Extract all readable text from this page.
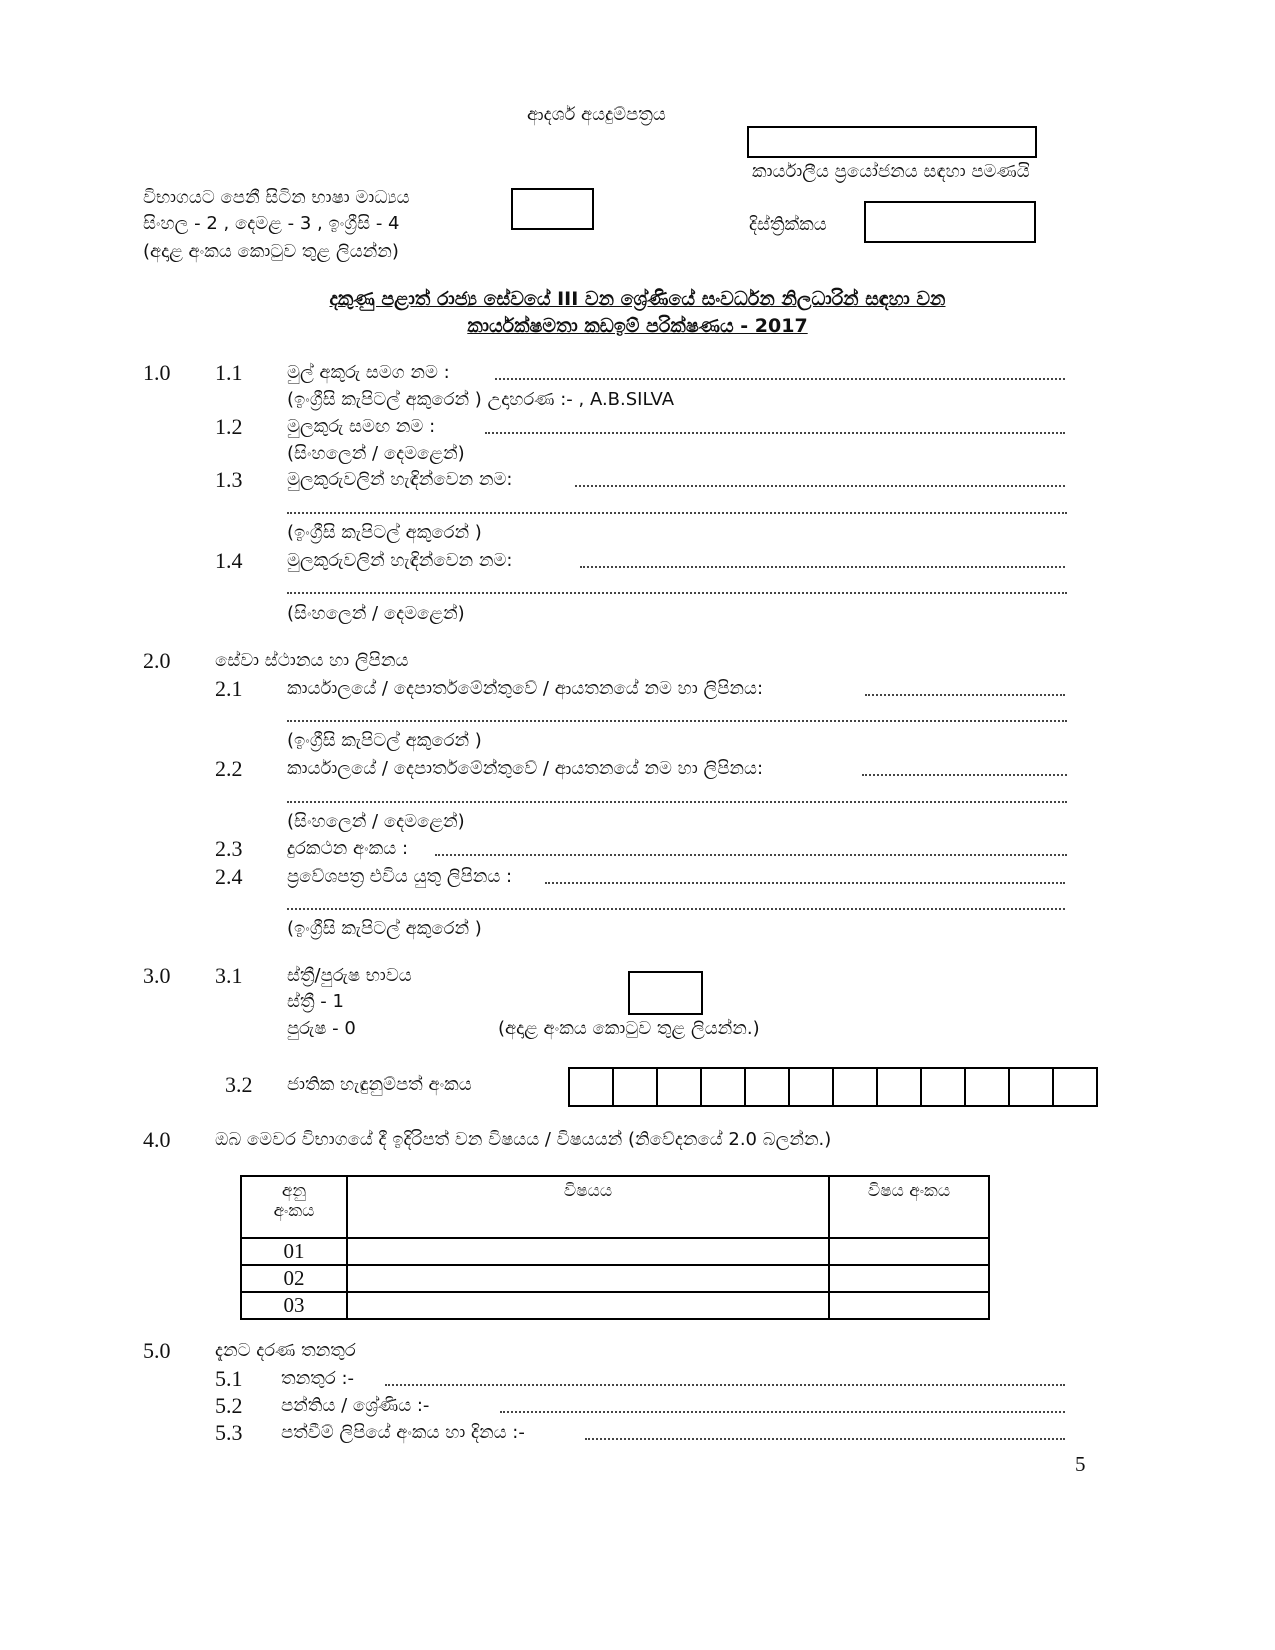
ආදර්ශ අයදුම්පත්‍රය
කාර්යාලීය ප්‍රයෝජනය සඳහා පමණයි
විභාගයට පෙනී සිටින භාෂා මාධ්‍යය
සිංහල - 2 , දෙමළ - 3 , ඉංග්‍රීසි - 4
(අදාළ අංකය කොටුව තුළ ලියන්න)
දිස්ත්‍රික්කය
දකුණු පළාත් රාජ්‍ය සේවයේ III වන ශ්‍රේණියේ සංවර්ධන නිලධාරින් සඳහා වන
කාර්යක්ෂමතා කඩඉම් පරික්ෂණය - 2017
1.0 1.1 මුල් අකුරු සමග නම :
(ඉංග්‍රීසි කැපිටල් අකුරෙන් ) උදාහරණ :- , A.B.SILVA
1.2 මුලකුරු සමඟ නම :
(සිංහලෙන් / දෙමළෙන්)
1.3 මුලකුරුවලින් හැඳින්වෙන නම:
(ඉංග්‍රීසි කැපිටල් අකුරෙන් )
1.4 මුලකුරුවලින් හැඳින්වෙන නම:
(සිංහලෙන් / දෙමළෙන්)
2.0 සේවා ස්ථානය හා ලිපිනය
2.1 කාර්යාලයේ / දෙපාර්තමේන්තුවේ / ආයතනයේ නම හා ලිපිනය:
(ඉංග්‍රීසි කැපිටල් අකුරෙන් )
2.2 කාර්යාලයේ / දෙපාර්තමේන්තුවේ / ආයතනයේ නම හා ලිපිනය:
(සිංහලෙන් / දෙමළෙන්)
2.3 දුරකථන අංකය :
2.4 ප්‍රවේශපත්‍ර එවිය යුතු ලිපිනය :
(ඉංග්‍රීසි කැපිටල් අකුරෙන් )
3.0 3.1 ස්ත්‍රී/පුරුෂ භාවය
ස්ත්‍රී - 1
පුරුෂ - 0	(අදාළ අංකය කොටුව තුළ ලියන්න.)
3.2 ජාතික හැඳුනුම්පත් අංකය

4.0 ඔබ මෙවර විභාගයේ දී ඉදිරිපත් වන විෂයය / විෂයයන් (නිවේදනයේ 2.0 බලන්න.)
අනු
අංකය	විෂයය	විෂය අංකය
01		
02		
03		
5.0 දැනට දරණ තනතුර
5.1 තනතුර :-
5.2 පන්තිය / ශ්‍රේණිය :-
5.3 පත්වීම් ලිපියේ අංකය හා දිනය :-
5
